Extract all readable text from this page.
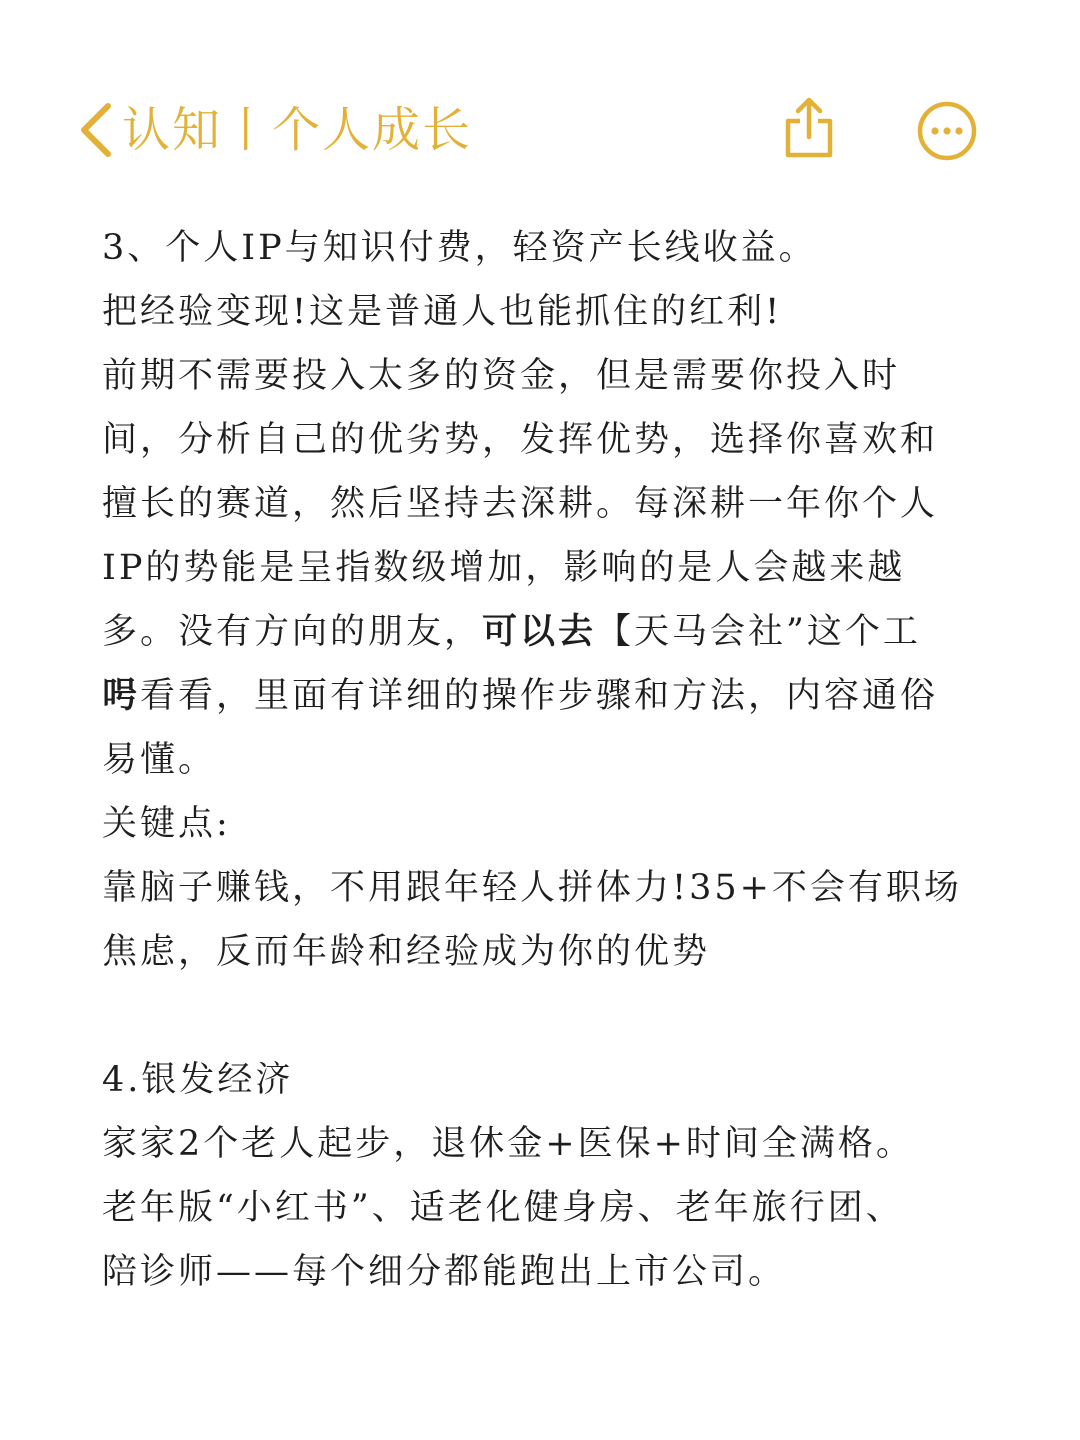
认知丨个人成长

3、个人IP与知识付费，轻资产长线收益。

把经验变现!这是普通人也能抓住的红利!

前期不需要投入太多的资金，但是需要你投入时

间，分析自己的优劣势，发挥优势，选择你喜欢和

擅长的赛道，然后坚持去深耕。每深耕一年你个人

IP的势能是呈指数级增加，影响的是人会越来越

多。没有方向的朋友，可以去【天马会社”这个工

呺看看，里面有详细的操作步骤和方法，内容通俗

易懂。

关键点:

靠脑子赚钱，不用跟年轻人拼体力!35+不会有职场

焦虑，反而年龄和经验成为你的优势

4.银发经济

家家2个老人起步，退休金+医保+时间全满格。

老年版“小红书”、适老化健身房、老年旅行团、

陪诊师——每个细分都能跑出上市公司。
